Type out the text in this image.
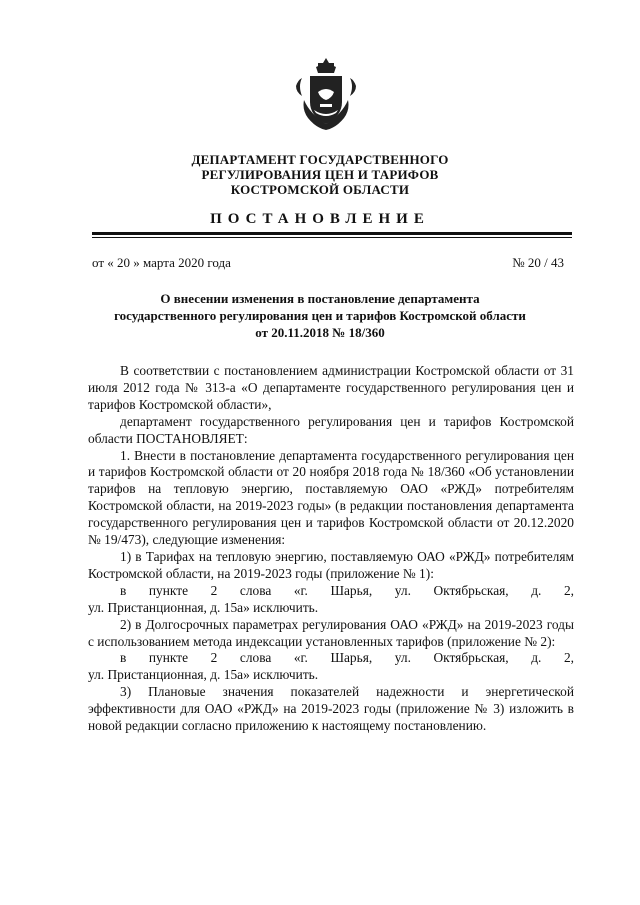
ДЕПАРТАМЕНТ ГОСУДАРСТВЕННОГО
РЕГУЛИРОВАНИЯ ЦЕН И ТАРИФОВ
КОСТРОМСКОЙ ОБЛАСТИ
ПОСТАНОВЛЕНИЕ
от « 20 » марта 2020 года	№ 20 / 43
О внесении изменения в постановление департамента
государственного регулирования цен и тарифов Костромской области
от 20.11.2018 № 18/360

В соответствии с постановлением администрации Костромской области от 31 июля 2012 года № 313-а «О департаменте государственного регулирования цен и тарифов Костромской области»,

департамент государственного регулирования цен и тарифов Костромской области ПОСТАНОВЛЯЕТ:

1. Внести в постановление департамента государственного регулирования цен и тарифов Костромской области от 20 ноября 2018 года № 18/360 «Об установлении тарифов на тепловую энергию, поставляемую ОАО «РЖД» потребителям Костромской области, на 2019-2023 годы» (в редакции постановления департамента государственного регулирования цен и тарифов Костромской области от 20.12.2020 № 19/473), следующие изменения:

1) в Тарифах на тепловую энергию, поставляемую ОАО «РЖД» потребителям Костромской области, на 2019-2023 годы (приложение № 1):

в пункте 2 слова «г. Шарья, ул. Октябрьская, д. 2,

ул. Пристанционная, д. 15а» исключить.

2) в Долгосрочных параметрах регулирования ОАО «РЖД» на 2019-2023 годы с использованием метода индексации установленных тарифов (приложение № 2):

в пункте 2 слова «г. Шарья, ул. Октябрьская, д. 2,

ул. Пристанционная, д. 15а» исключить.

3) Плановые значения показателей надежности и энергетической эффективности для ОАО «РЖД» на 2019-2023 годы (приложение № 3) изложить в новой редакции согласно приложению к настоящему постановлению.
